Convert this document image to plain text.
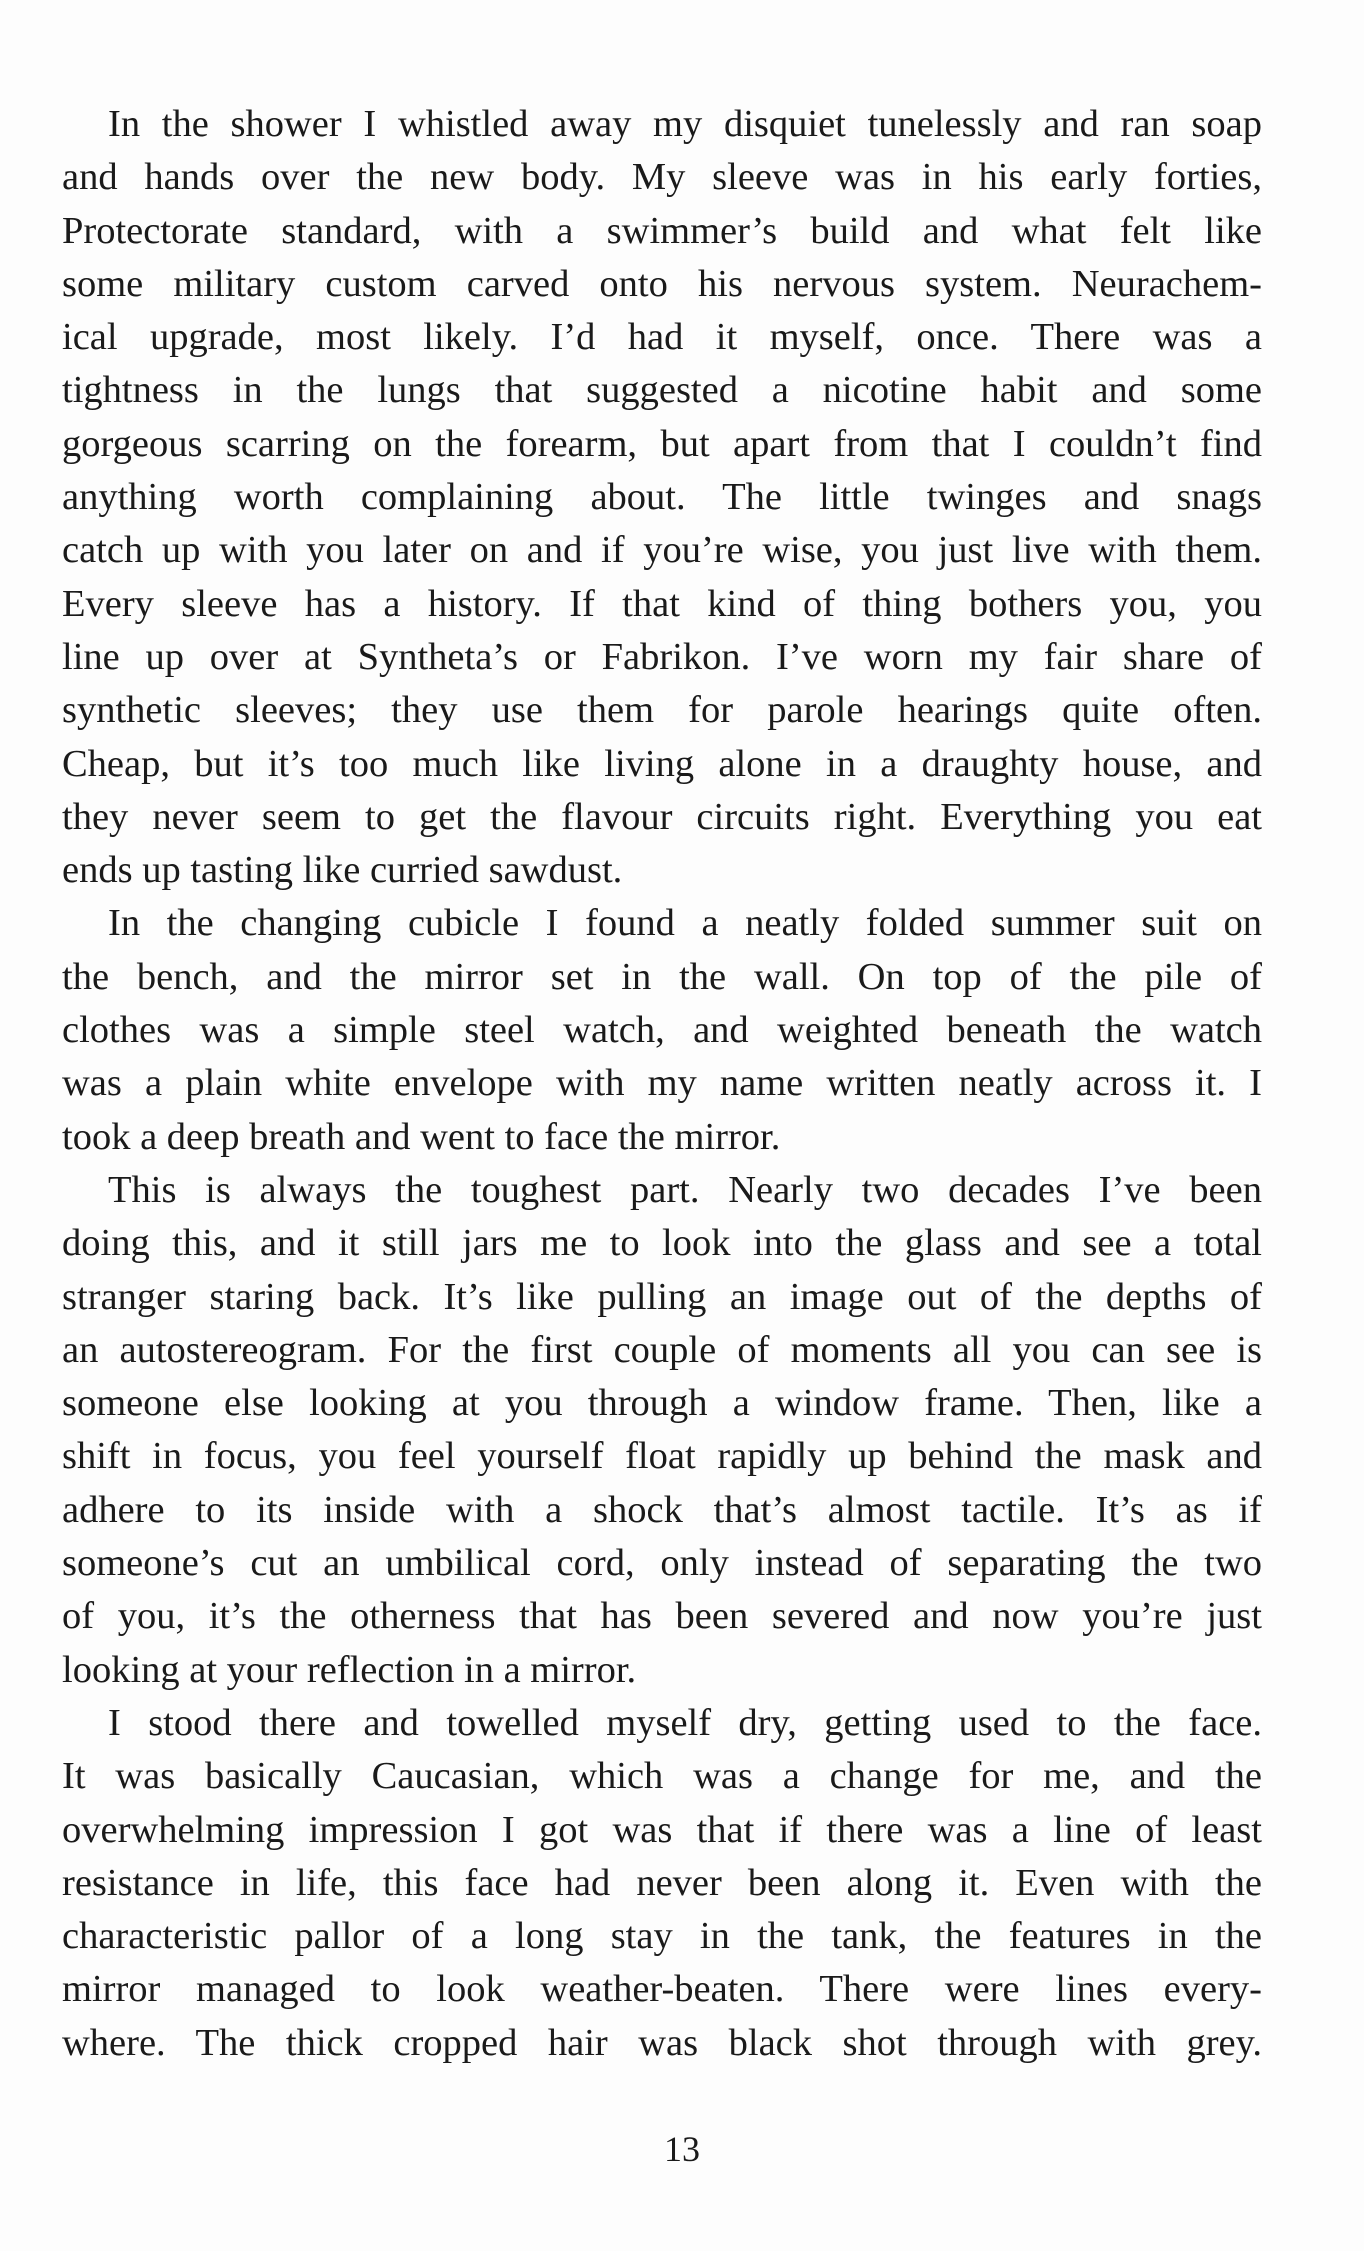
In the shower I whistled away my disquiet tunelessly and ran soap
and hands over the new body. My sleeve was in his early forties,
Protectorate standard, with a swimmer’s build and what felt like
some military custom carved onto his nervous system. Neurachem-
ical upgrade, most likely. I’d had it myself, once. There was a
tightness in the lungs that suggested a nicotine habit and some
gorgeous scarring on the forearm, but apart from that I couldn’t find
anything worth complaining about. The little twinges and snags
catch up with you later on and if you’re wise, you just live with them.
Every sleeve has a history. If that kind of thing bothers you, you
line up over at Syntheta’s or Fabrikon. I’ve worn my fair share of
synthetic sleeves; they use them for parole hearings quite often.
Cheap, but it’s too much like living alone in a draughty house, and
they never seem to get the flavour circuits right. Everything you eat
ends up tasting like curried sawdust.
In the changing cubicle I found a neatly folded summer suit on
the bench, and the mirror set in the wall. On top of the pile of
clothes was a simple steel watch, and weighted beneath the watch
was a plain white envelope with my name written neatly across it. I
took a deep breath and went to face the mirror.
This is always the toughest part. Nearly two decades I’ve been
doing this, and it still jars me to look into the glass and see a total
stranger staring back. It’s like pulling an image out of the depths of
an autostereogram. For the first couple of moments all you can see is
someone else looking at you through a window frame. Then, like a
shift in focus, you feel yourself float rapidly up behind the mask and
adhere to its inside with a shock that’s almost tactile. It’s as if
someone’s cut an umbilical cord, only instead of separating the two
of you, it’s the otherness that has been severed and now you’re just
looking at your reflection in a mirror.
I stood there and towelled myself dry, getting used to the face.
It was basically Caucasian, which was a change for me, and the
overwhelming impression I got was that if there was a line of least
resistance in life, this face had never been along it. Even with the
characteristic pallor of a long stay in the tank, the features in the
mirror managed to look weather-beaten. There were lines every-
where. The thick cropped hair was black shot through with grey.
13
